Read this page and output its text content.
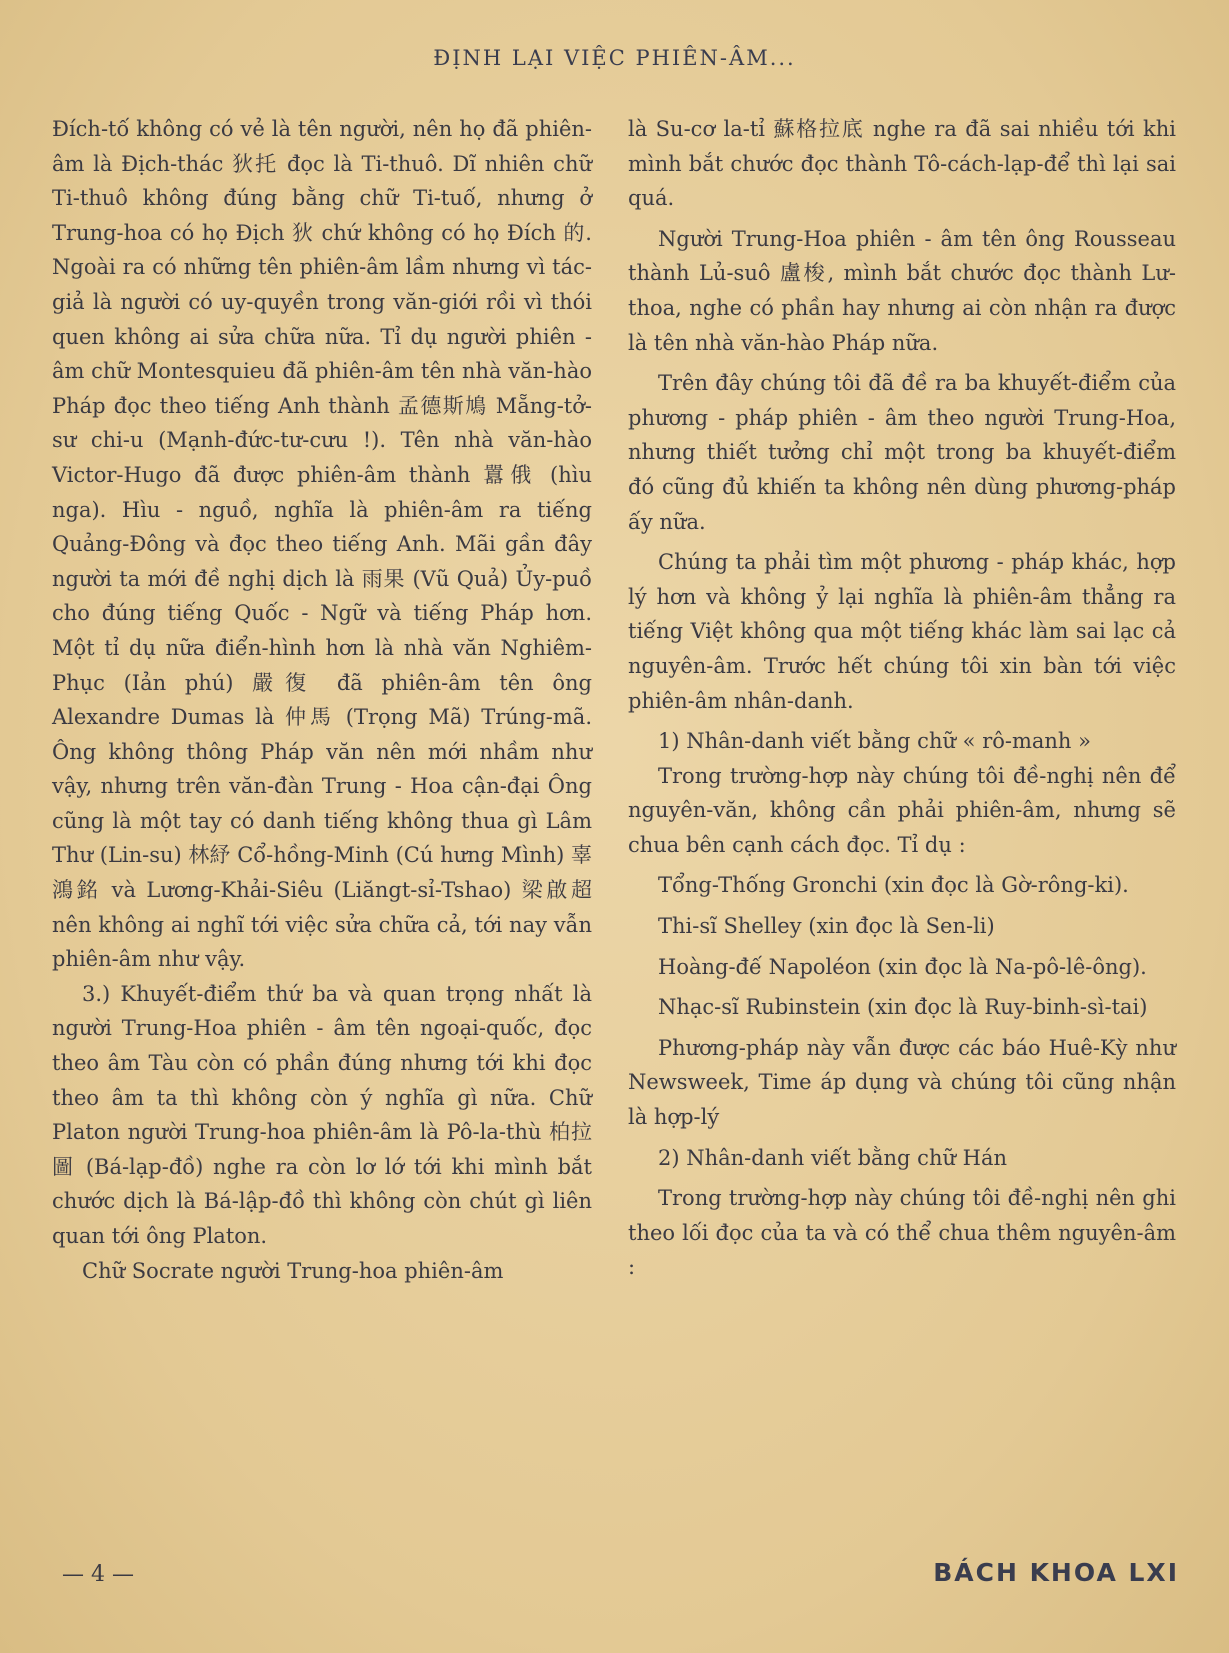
ĐỊNH LẠI VIỆC PHIÊN-ÂM...

Đích-tố không có vẻ là tên người, nên họ đã phiên-âm là Địch-thác 狄托 đọc là Ti-thuô. Dĩ nhiên chữ Ti-thuô không đúng bằng chữ Ti-tuố, nhưng ở Trung-hoa có họ Địch 狄 chứ không có họ Đích 的. Ngoài ra có những tên phiên-âm lầm nhưng vì tác-giả là người có uy-quyền trong văn-giới rồi vì thói quen không ai sửa chữa nữa. Tỉ dụ người phiên - âm chữ Montesquieu đã phiên-âm tên nhà văn-hào Pháp đọc theo tiếng Anh thành 孟德斯鳩 Mẵng-tở-sư chi-u (Mạnh-đức-tư-cưu !). Tên nhà văn-hào Victor-Hugo đã được phiên-âm thành 囂俄 (hìu nga). Hìu - nguồ, nghĩa là phiên-âm ra tiếng Quảng-Đông và đọc theo tiếng Anh. Mãi gần đây người ta mới đề nghị dịch là 雨果 (Vũ Quả) Ủy-puồ cho đúng tiếng Quốc - Ngữ và tiếng Pháp hơn. Một tỉ dụ nữa điển-hình hơn là nhà văn Nghiêm-Phục (Iản phú) 嚴復 đã phiên-âm tên ông Alexandre Dumas là 仲馬 (Trọng Mã) Trúng-mã. Ông không thông Pháp văn nên mới nhầm như vậy, nhưng trên văn-đàn Trung - Hoa cận-đại Ông cũng là một tay có danh tiếng không thua gì Lâm Thư (Lin-su) 林紓 Cổ-hồng-Minh (Cú hưng Mình) 辜鴻銘 và Lương-Khải-Siêu (Liăngt-sỉ-Tshao) 梁啟超 nên không ai nghĩ tới việc sửa chữa cả, tới nay vẫn phiên-âm như vậy.

3.) Khuyết-điểm thứ ba và quan trọng nhất là người Trung-Hoa phiên - âm tên ngoại-quốc, đọc theo âm Tàu còn có phần đúng nhưng tới khi đọc theo âm ta thì không còn ý nghĩa gì nữa. Chữ Platon người Trung-hoa phiên-âm là Pô-la-thù 柏拉圖 (Bá-lạp-đồ) nghe ra còn lơ lớ tới khi mình bắt chước dịch là Bá-lập-đồ thì không còn chút gì liên quan tới ông Platon.

Chữ Socrate người Trung-hoa phiên-âm

là Su-cơ la-tỉ 蘇格拉底 nghe ra đã sai nhiều tới khi mình bắt chước đọc thành Tô-cách-lạp-để thì lại sai quá.

Người Trung-Hoa phiên - âm tên ông Rousseau thành Lủ-suô 盧梭, mình bắt chước đọc thành Lư-thoa, nghe có phần hay nhưng ai còn nhận ra được là tên nhà văn-hào Pháp nữa.

Trên đây chúng tôi đã đề ra ba khuyết-điểm của phương - pháp phiên - âm theo người Trung-Hoa, nhưng thiết tưởng chỉ một trong ba khuyết-điểm đó cũng đủ khiến ta không nên dùng phương-pháp ấy nữa.

Chúng ta phải tìm một phương - pháp khác, hợp lý hơn và không ỷ lại nghĩa là phiên-âm thẳng ra tiếng Việt không qua một tiếng khác làm sai lạc cả nguyên-âm. Trước hết chúng tôi xin bàn tới việc phiên-âm nhân-danh.

1) Nhân-danh viết bằng chữ « rô-manh »

Trong trường-hợp này chúng tôi đề-nghị nên để nguyên-văn, không cần phải phiên-âm, nhưng sẽ chua bên cạnh cách đọc. Tỉ dụ :

Tổng-Thống Gronchi (xin đọc là Gờ-rông-ki).

Thi-sĩ Shelley (xin đọc là Sen-li)

Hoàng-đế Napoléon (xin đọc là Na-pô-lê-ông).

Nhạc-sĩ Rubinstein (xin đọc là Ruy-binh-sì-tai)

Phương-pháp này vẫn được các báo Huê-Kỳ như Newsweek, Time áp dụng và chúng tôi cũng nhận là hợp-lý

2) Nhân-danh viết bằng chữ Hán

Trong trường-hợp này chúng tôi đề-nghị nên ghi theo lối đọc của ta và có thể chua thêm nguyên-âm :

— 4 —	BÁCH KHOA LXI
